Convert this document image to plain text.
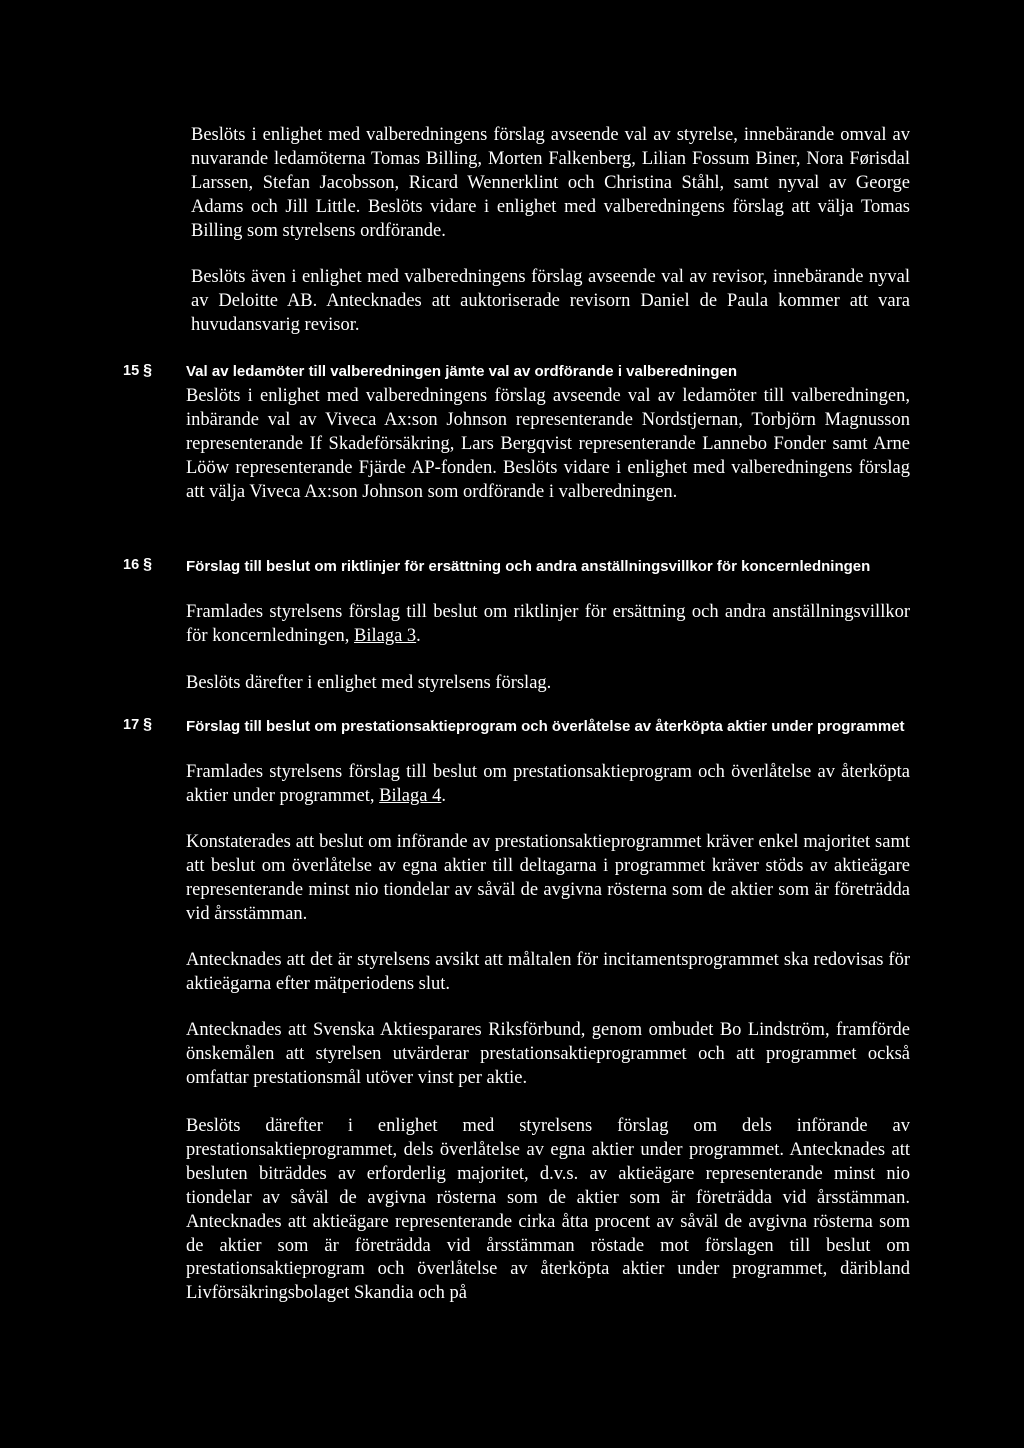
Beslöts i enlighet med valberedningens förslag avseende val av styrelse, innebärande omval av nuvarande ledamöterna Tomas Billing, Morten Falkenberg, Lilian Fossum Biner, Nora Førisdal Larssen, Stefan Jacobsson, Ricard Wennerklint och Christina Ståhl, samt nyval av George Adams och Jill Little. Beslöts vidare i enlighet med valberedningens förslag att välja Tomas Billing som styrelsens ordförande.

Beslöts även i enlighet med valberedningens förslag avseende val av revisor, innebärande nyval av Deloitte AB. Antecknades att auktoriserade revisorn Daniel de Paula kommer att vara huvudansvarig revisor.

15 § Val av ledamöter till valberedningen jämte val av ordförande i valberedningen

Beslöts i enlighet med valberedningens förslag avseende val av ledamöter till valberedningen, inbärande val av Viveca Ax:son Johnson representerande Nordstjernan, Torbjörn Magnusson representerande If Skadeförsäkring, Lars Bergqvist representerande Lannebo Fonder samt Arne Lööw representerande Fjärde AP-fonden. Beslöts vidare i enlighet med valberedningens förslag att välja Viveca Ax:son Johnson som ordförande i valberedningen.

16 § Förslag till beslut om riktlinjer för ersättning och andra anställningsvillkor för koncernledningen

Framlades styrelsens förslag till beslut om riktlinjer för ersättning och andra anställningsvillkor för koncernledningen, Bilaga 3.

Beslöts därefter i enlighet med styrelsens förslag.

17 § Förslag till beslut om prestationsaktieprogram och överlåtelse av återköpta aktier under programmet

Framlades styrelsens förslag till beslut om prestationsaktieprogram och överlåtelse av återköpta aktier under programmet, Bilaga 4.

Konstaterades att beslut om införande av prestationsaktieprogrammet kräver enkel majoritet samt att beslut om överlåtelse av egna aktier till deltagarna i programmet kräver stöds av aktieägare representerande minst nio tiondelar av såväl de avgivna rösterna som de aktier som är företrädda vid årsstämman.

Antecknades att det är styrelsens avsikt att måltalen för incitamentsprogrammet ska redovisas för aktieägarna efter mätperiodens slut.

Antecknades att Svenska Aktiesparares Riksförbund, genom ombudet Bo Lindström, framförde önskemålen att styrelsen utvärderar prestationsaktieprogrammet och att programmet också omfattar prestationsmål utöver vinst per aktie.

Beslöts därefter i enlighet med styrelsens förslag om dels införande av prestationsaktieprogrammet, dels överlåtelse av egna aktier under programmet. Antecknades att besluten biträddes av erforderlig majoritet, d.v.s. av aktieägare representerande minst nio tiondelar av såväl de avgivna rösterna som de aktier som är företrädda vid årsstämman. Antecknades att aktieägare representerande cirka åtta procent av såväl de avgivna rösterna som de aktier som är företrädda vid årsstämman röstade mot förslagen till beslut om prestationsaktieprogram och överlåtelse av återköpta aktier under programmet, däribland Livförsäkringsbolaget Skandia och på
